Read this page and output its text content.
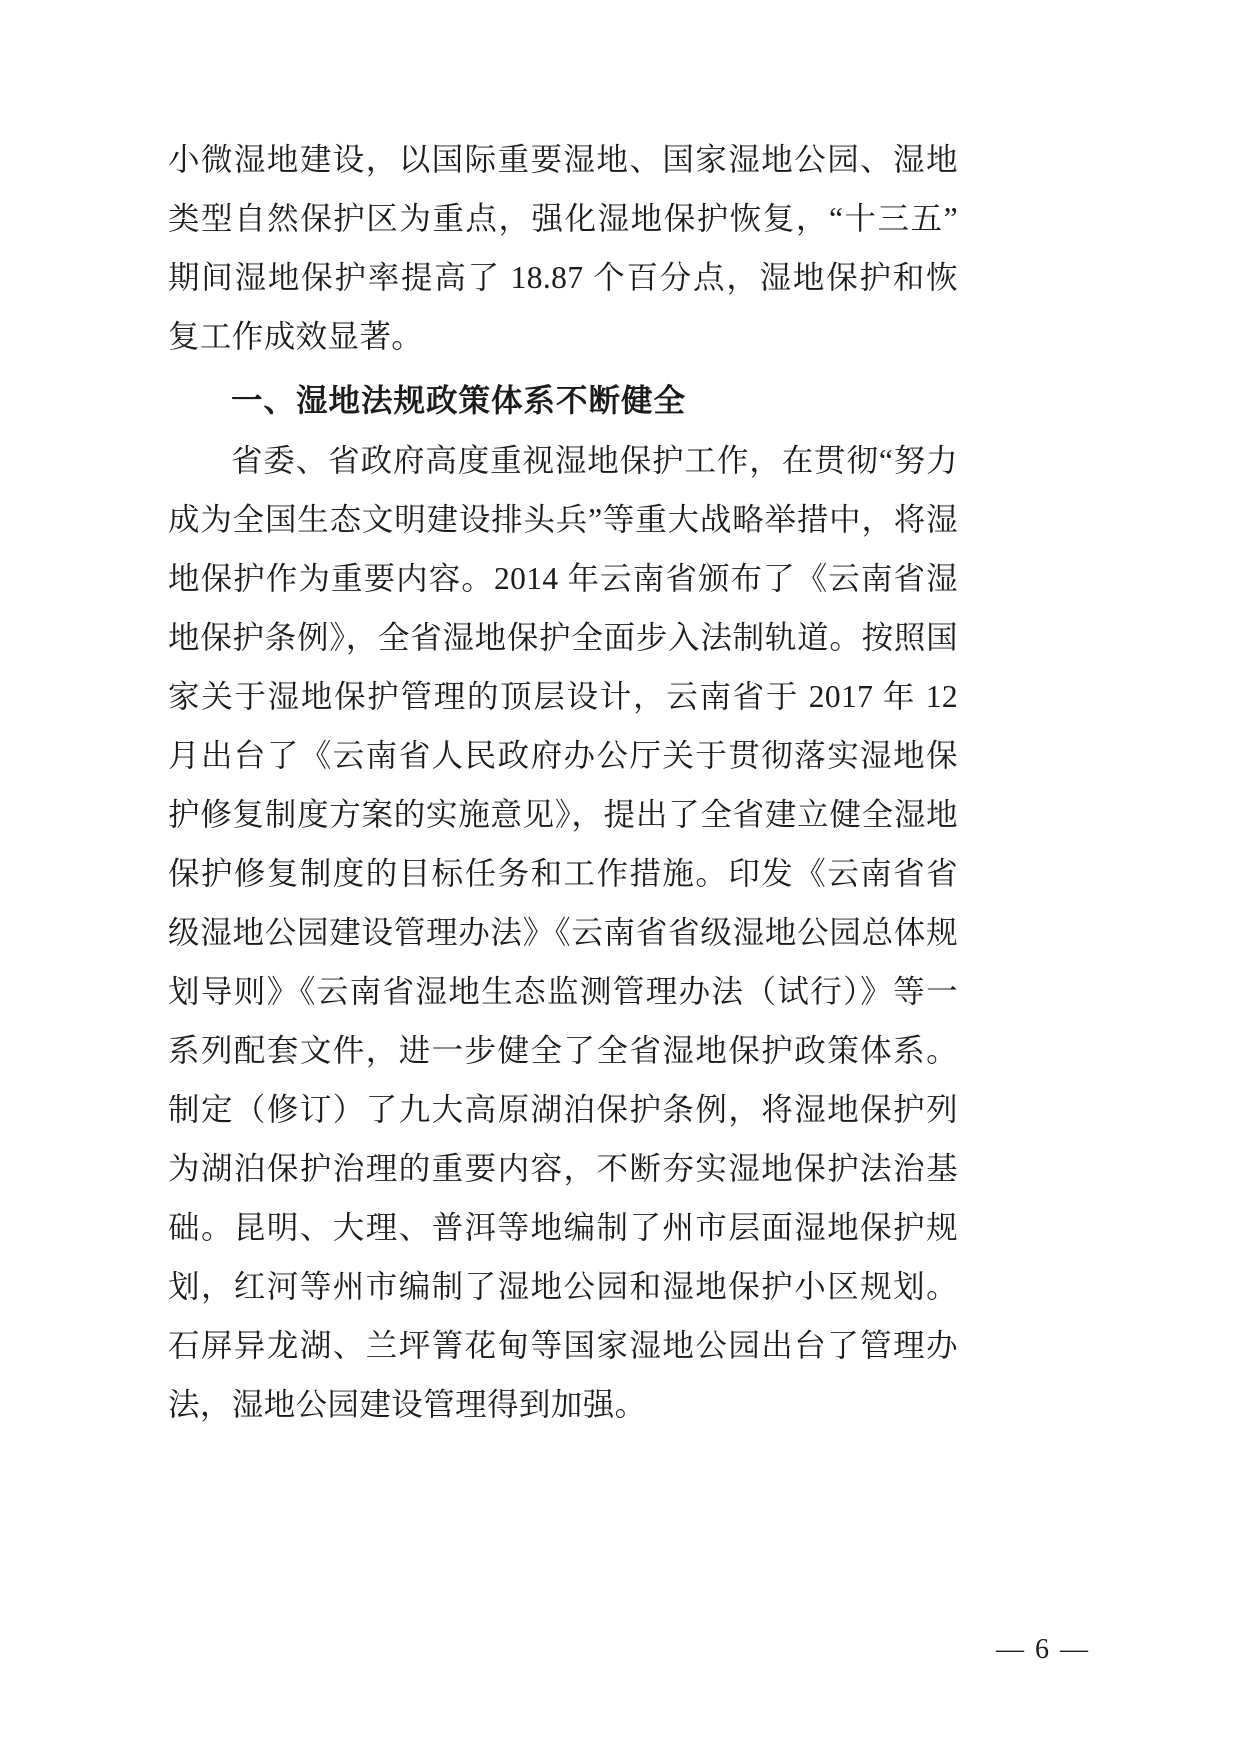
小微湿地建设，以国际重要湿地、国家湿地公园、湿地类型自然保护区为重点，强化湿地保护恢复，“十三五”期间湿地保护率提高了 18.87 个百分点，湿地保护和恢复工作成效显著。

一、湿地法规政策体系不断健全

省委、省政府高度重视湿地保护工作，在贯彻“努力成为全国生态文明建设排头兵”等重大战略举措中，将湿地保护作为重要内容。2014 年云南省颁布了《云南省湿地保护条例》，全省湿地保护全面步入法制轨道。按照国家关于湿地保护管理的顶层设计，云南省于 2017 年 12 月出台了《云南省人民政府办公厅关于贯彻落实湿地保护修复制度方案的实施意见》，提出了全省建立健全湿地保护修复制度的目标任务和工作措施。印发《云南省省级湿地公园建设管理办法》《云南省省级湿地公园总体规划导则》《云南省湿地生态监测管理办法（试行）》等一系列配套文件，进一步健全了全省湿地保护政策体系。制定（修订）了九大高原湖泊保护条例，将湿地保护列为湖泊保护治理的重要内容，不断夯实湿地保护法治基础。昆明、大理、普洱等地编制了州市层面湿地保护规划，红河等州市编制了湿地公园和湿地保护小区规划。石屏异龙湖、兰坪箐花甸等国家湿地公园出台了管理办法，湿地公园建设管理得到加强。

— 6 —
